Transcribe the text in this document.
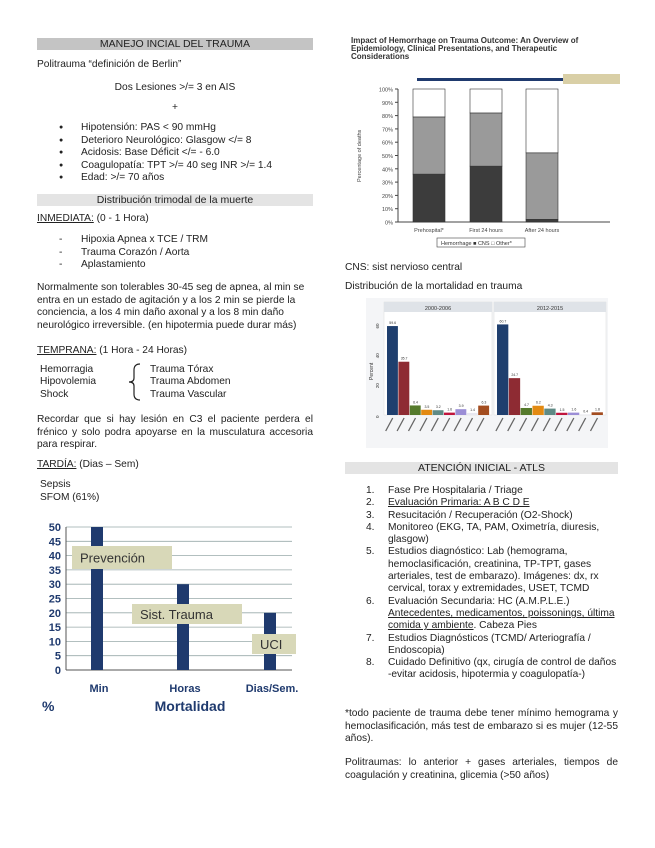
MANEJO INCIAL DEL TRAUMA
Politrauma “definición de Berlin”
Dos Lesiones >/= 3 en AIS
+
● Hipotensión: PAS < 90 mmHg
● Deterioro Neurológico: Glasgow </= 8
● Acidosis: Base Déficit </= - 6.0
● Coagulopatía: TPT >/= 40 seg INR >/= 1.4
● Edad: >/= 70 años
Distribución trimodal de la muerte
INMEDIATA: (0 - 1 Hora)
- Hipoxia Apnea x TCE / TRM
- Trauma Corazón / Aorta
- Aplastamiento
Normalmente son tolerables 30-45 seg de apnea, al min se entra en un estado de agitación y a los 2 min se pierde la conciencia, a los 4 min daño axonal y a los 8 min daño neurológico irreversible. (en hipotermia puede durar más)
TEMPRANA: (1 Hora - 24 Horas)
Hemorragia
Hipovolemia
Shock
Trauma Tórax
Trauma Abdomen
Trauma Vascular
Recordar que si hay lesión en C3 el paciente perdera el frénico y solo podra apoyarse en la musculatura accesoria para respirar.
TARDÍA: (Dias – Sem)
Sepsis
SFOM (61%)
0
5
10
15
20
25
30
35
40
45
50
Min	Horas	Dias/Sem.
Prevención
Sist. Trauma
UCI
%	Mortalidad
Impact of Hemorrhage on Trauma Outcome: An Overview of
Epidemiology, Clinical Presentations, and Therapeutic
Considerations
0%
10%
20%
30%
40%
50%
60%
70%
80%
90%
100%
Prehospital*	First 24 hours	After 24 hours
Percentage of deaths
Hemorrhage ■ CNS □ Other*
CNS: sist nervioso central
Distribución de la mortalidad en trauma
0
20
40
60
Percent
2000-2006
59.6
35.7
6.4
3.5 3.2
1.6
3.9
1.4
6.3
2012-2015
60.7
24.7
4.7
6.2
4.3
1.5 1.6 0.4
1.8
ATENCIÓN INICIAL - ATLS
1. Fase Pre Hospitalaria / Triage
2. Evaluación Primaria: A B C D E
3. Resucitación / Recuperación (O2-Shock)
4. Monitoreo (EKG, TA, PAM, Oximetría, diuresis, glasgow)
5. Estudios diagnóstico: Lab (hemograma, hemoclasificación, creatinina, TP-TPT, gases arteriales, test de embarazo). Imágenes: dx, rx cervical, torax y extremidades, USET, TCMD
6. Evaluación Secundaria: HC (A.M.P.L.E.)
Antecedentes, medicamentos, poissonings, última comida y ambiente. Cabeza Pies
7. Estudios Diagnósticos (TCMD/ Arteriografía / Endoscopia)
8. Cuidado Definitivo (qx, cirugía de control de daños -evitar acidosis, hipotermia y coagulopatía-)
*todo paciente de trauma debe tener mínimo hemograma y hemoclasificación, más test de embarazo si es mujer (12-55 años).
Politraumas: lo anterior + gases arteriales, tiempos de coagulación y creatinina, glicemia (>50 años)
